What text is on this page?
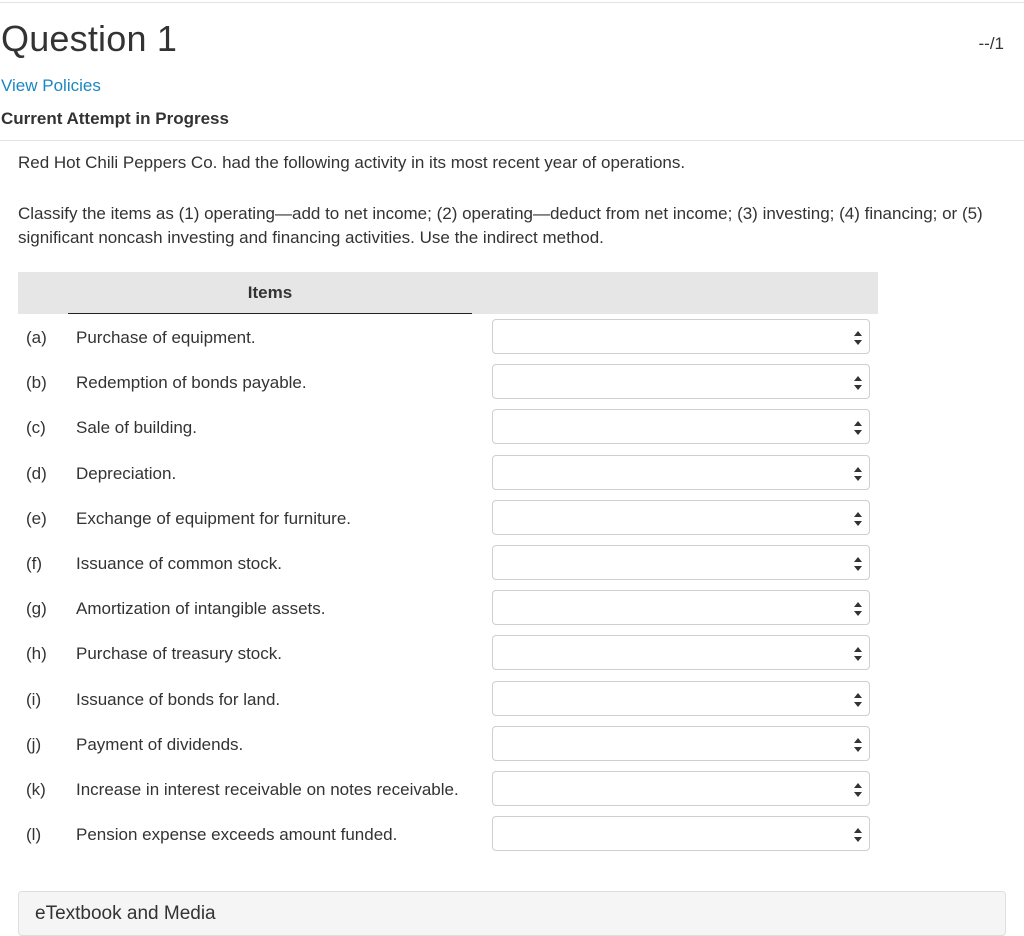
Question 1	--/1
View Policies
Current Attempt in Progress

Red Hot Chili Peppers Co. had the following activity in its most recent year of operations.

Classify the items as (1) operating—add to net income; (2) operating—deduct from net income; (3) investing; (4) financing; or (5) significant noncash investing and financing activities. Use the indirect method.

Items
(a) Purchase of equipment.
(b) Redemption of bonds payable.
(c) Sale of building.
(d) Depreciation.
(e) Exchange of equipment for furniture.
(f) Issuance of common stock.
(g) Amortization of intangible assets.
(h) Purchase of treasury stock.
(i) Issuance of bonds for land.
(j) Payment of dividends.
(k) Increase in interest receivable on notes receivable.
(l) Pension expense exceeds amount funded.
eTextbook and Media
